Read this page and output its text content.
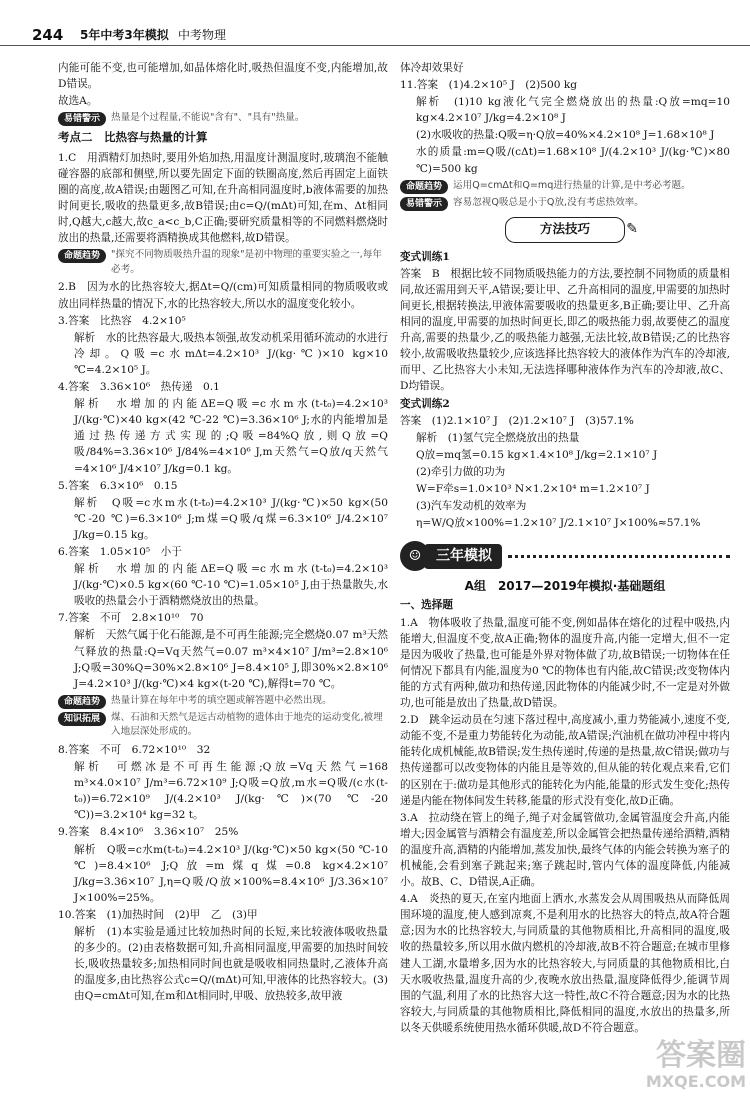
244 5年中考3年模拟 中考物理

内能可能不变,也可能增加,如晶体熔化时,吸热但温度不变,内能增加,故D错误。

故选A。

易错警示	热量是个过程量,不能说"含有"、"具有"热量。
考点二　比热容与热量的计算

1.C　用酒精灯加热时,要用外焰加热,用温度计测温度时,玻璃泡不能触碰容器的底部和侧壁,所以要先固定下面的铁圈高度,然后再固定上面铁圈的高度,故A错误;由题图乙可知,在升高相同温度时,b液体需要的加热时间更长,吸收的热量更多,故B错误;由c=Q/(mΔt)可知,在m、Δt相同时,Q越大,c越大,故c_a<c_b,C正确;要研究质量相等的不同燃料燃烧时放出的热量,还需要将酒精换成其他燃料,故D错误。

命题趋势	"探究不同物质吸热升温的现象"是初中物理的重要实验之一,每年必考。

2.B　因为水的比热容较大,据Δt=Q/(cm)可知质量相同的物质吸收或放出同样热量的情况下,水的比热容较大,所以水的温度变化较小。

3.答案　比热容　4.2×10⁵

解析　水的比热容最大,吸热本领强,故发动机采用循环流动的水进行冷却。Q吸=c水mΔt=4.2×10³ J/(kg·℃)×10 kg×10 ℃=4.2×10⁵ J。

4.答案　3.36×10⁶　热传递　0.1

解析　水增加的内能ΔE=Q吸=c水m水(t-t₀)=4.2×10³ J/(kg·℃)×40 kg×(42 ℃-22 ℃)=3.36×10⁶ J;水的内能增加是通过热传递方式实现的;Q吸=84%Q放,则Q放=Q吸/84%=3.36×10⁶ J/84%=4×10⁶ J,m天然气=Q放/q天然气=4×10⁶ J/4×10⁷ J/kg=0.1 kg。

5.答案　6.3×10⁶　0.15

解析　Q吸=c水m水(t-t₀)=4.2×10³ J/(kg·℃)×50 kg×(50 ℃-20 ℃)=6.3×10⁶ J;m煤=Q吸/q煤=6.3×10⁶ J/4.2×10⁷ J/kg=0.15 kg。

6.答案　1.05×10⁵　小于

解析　水增加的内能ΔE=Q吸=c水m水(t-t₀)=4.2×10³ J/(kg·℃)×0.5 kg×(60 ℃-10 ℃)=1.05×10⁵ J,由于热量散失,水吸收的热量会小于酒精燃烧放出的热量。

7.答案　不可　2.8×10¹⁰　70

解析　天然气属于化石能源,是不可再生能源;完全燃烧0.07 m³天然气释放的热量:Q=Vq天然气=0.07 m³×4×10⁷ J/m³=2.8×10⁶ J;Q吸=30%Q=30%×2.8×10⁶ J=8.4×10⁵ J,即30%×2.8×10⁶ J=4.2×10³ J/(kg·℃)×4 kg×(t-20 ℃),解得t=70 ℃。

命题趋势	热量计算在每年中考的填空题或解答题中必然出现。
知识拓展	煤、石油和天然气是远古动植物的遗体由于地壳的运动变化,被埋入地层深处形成的。

8.答案　不可　6.72×10¹⁰　32

解析　可燃冰是不可再生能源;Q放=Vq天然气=168 m³×4.0×10⁷ J/m³=6.72×10⁹ J;Q吸=Q放,m水=Q吸/(c水(t-t₀))=6.72×10⁹ J/(4.2×10³ J/(kg·℃)×(70 ℃-20 ℃))=3.2×10⁴ kg=32 t。

9.答案　8.4×10⁶　3.36×10⁷　25%

解析　Q吸=c水m(t-t₀)=4.2×10³ J/(kg·℃)×50 kg×(50 ℃-10 ℃)=8.4×10⁶ J;Q放=m煤q煤=0.8 kg×4.2×10⁷ J/kg=3.36×10⁷ J,η=Q吸/Q放×100%=8.4×10⁶ J/3.36×10⁷ J×100%=25%。

10.答案　(1)加热时间　(2)甲　乙　(3)甲

解析　(1)本实验是通过比较加热时间的长短,来比较液体吸收热量的多少的。(2)由表格数据可知,升高相同温度,甲需要的加热时间较长,吸收热量较多;加热相同时间也就是吸收相同热量时,乙液体升高的温度多,由比热容公式c=Q/(mΔt)可知,甲液体的比热容较大。(3)由Q=cmΔt可知,在m和Δt相同时,甲吸、放热较多,故甲液

体冷却效果好

11.答案　(1)4.2×10⁵ J　(2)500 kg

解析　(1)10 kg液化气完全燃烧放出的热量:Q放=mq=10 kg×4.2×10⁷ J/kg=4.2×10⁸ J

(2)水吸收的热量:Q吸=η·Q放=40%×4.2×10⁸ J=1.68×10⁸ J

水的质量:m=Q吸/(cΔt)=1.68×10⁸ J/(4.2×10³ J/(kg·℃)×80 ℃)=500 kg

命题趋势	运用Q=cmΔt和Q=mq进行热量的计算,是中考必考题。
易错警示	容易忽视Q吸总是小于Q放,没有考虑热效率。
方法技巧	✎

变式训练1

答案　B　根据比较不同物质吸热能力的方法,要控制不同物质的质量相同,故还需用到天平,A错误;要让甲、乙升高相同的温度,甲需要的加热时间更长,根据转换法,甲液体需要吸收的热量更多,B正确;要让甲、乙升高相同的温度,甲需要的加热时间更长,即乙的吸热能力弱,故要使乙的温度升高,需要的热量少,乙的吸热能力越强,无法比较,故B错误;乙的比热容较小,故需吸收热量较少,应该选择比热容较大的液体作为汽车的冷却液,而甲、乙比热容大小未知,无法选择哪种液体作为汽车的冷却液,故C、D均错误。

变式训练2

答案　(1)2.1×10⁷ J　(2)1.2×10⁷ J　(3)57.1%

解析　(1)氢气完全燃烧放出的热量

Q放=mq氢=0.15 kg×1.4×10⁸ J/kg=2.1×10⁷ J

(2)牵引力做的功为

W=F牵s=1.0×10³ N×1.2×10⁴ m=1.2×10⁷ J

(3)汽车发动机的效率为

η=W/Q放×100%=1.2×10⁷ J/2.1×10⁷ J×100%≈57.1%

☺	三年模拟
A组　2017—2019年模拟·基础题组

一、选择题

1.A　物体吸收了热量,温度可能不变,例如晶体在熔化的过程中吸热,内能增大,但温度不变,故A正确;物体的温度升高,内能一定增大,但不一定是因为吸收了热量,也可能是外界对物体做了功,故B错误;一切物体在任何情况下都具有内能,温度为0 ℃的物体也有内能,故C错误;改变物体内能的方式有两种,做功和热传递,因此物体的内能减少时,不一定是对外做功,也可能是放出了热量,故D错误。

2.D　跳伞运动员在匀速下落过程中,高度减小,重力势能减小,速度不变,动能不变,不是重力势能转化为动能,故A错误;汽油机在做功冲程中将内能转化成机械能,故B错误;发生热传递时,传递的是热量,故C错误;做功与热传递都可以改变物体的内能且是等效的,但从能的转化观点来看,它们的区别在于:做功是其他形式的能转化为内能,能量的形式发生变化;热传递是内能在物体间发生转移,能量的形式没有变化,故D正确。

3.A　拉动绕在管上的绳子,绳子对金属管做功,金属管温度会升高,内能增大;因金属管与酒精会有温度差,所以金属管会把热量传递给酒精,酒精的温度升高,酒精的内能增加,蒸发加快,最终气体的内能会转换为塞子的机械能,会看到塞子跳起来;塞子跳起时,管内气体的温度降低,内能减小。故B、C、D错误,A正确。

4.A　炎热的夏天,在室内地面上洒水,水蒸发会从周围吸热从而降低周围环境的温度,使人感到凉爽,不是利用水的比热容大的特点,故A符合题意;因为水的比热容较大,与同质量的其他物质相比,升高相同的温度,吸收的热量较多,所以用水做内燃机的冷却液,故B不符合题意;在城市里修建人工湖,水量增多,因为水的比热容较大,与同质量的其他物质相比,白天水吸收热量,温度升高的少,夜晚水放出热量,温度降低得少,能调节周围的气温,利用了水的比热容大这一特性,故C不符合题意;因为水的比热容较大,与同质量的其他物质相比,降低相同的温度,水放出的热量多,所以冬天供暖系统使用热水循环供暖,故D不符合题意。

答案圈
MXQE.COM
